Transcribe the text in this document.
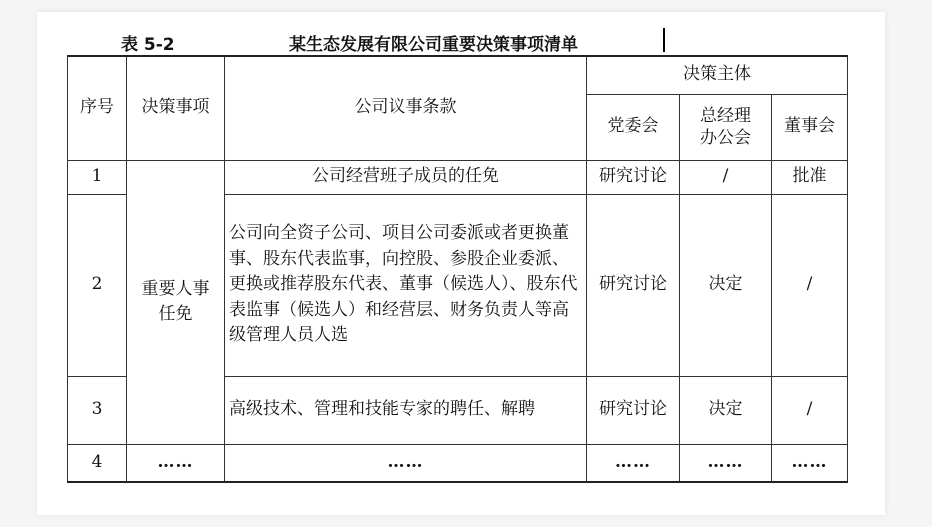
表 5-2	某生态发展有限公司重要决策事项清单
序号	决策事项	公司议事条款	决策主体		
			党委会	总经理办公会	董事会
1	重要人事任免	公司经营班子成员的任免	研究讨论	/	批准
2		公司向全资子公司、项目公司委派或者更换董事、股东代表监事，向控股、参股企业委派、更换或推荐股东代表、董事（候选人）、股东代表监事（候选人）和经营层、财务负责人等高级管理人员人选	研究讨论	决定	/
3		高级技术、管理和技能专家的聘任、解聘	研究讨论	决定	/
4	……	……	……	……	……
